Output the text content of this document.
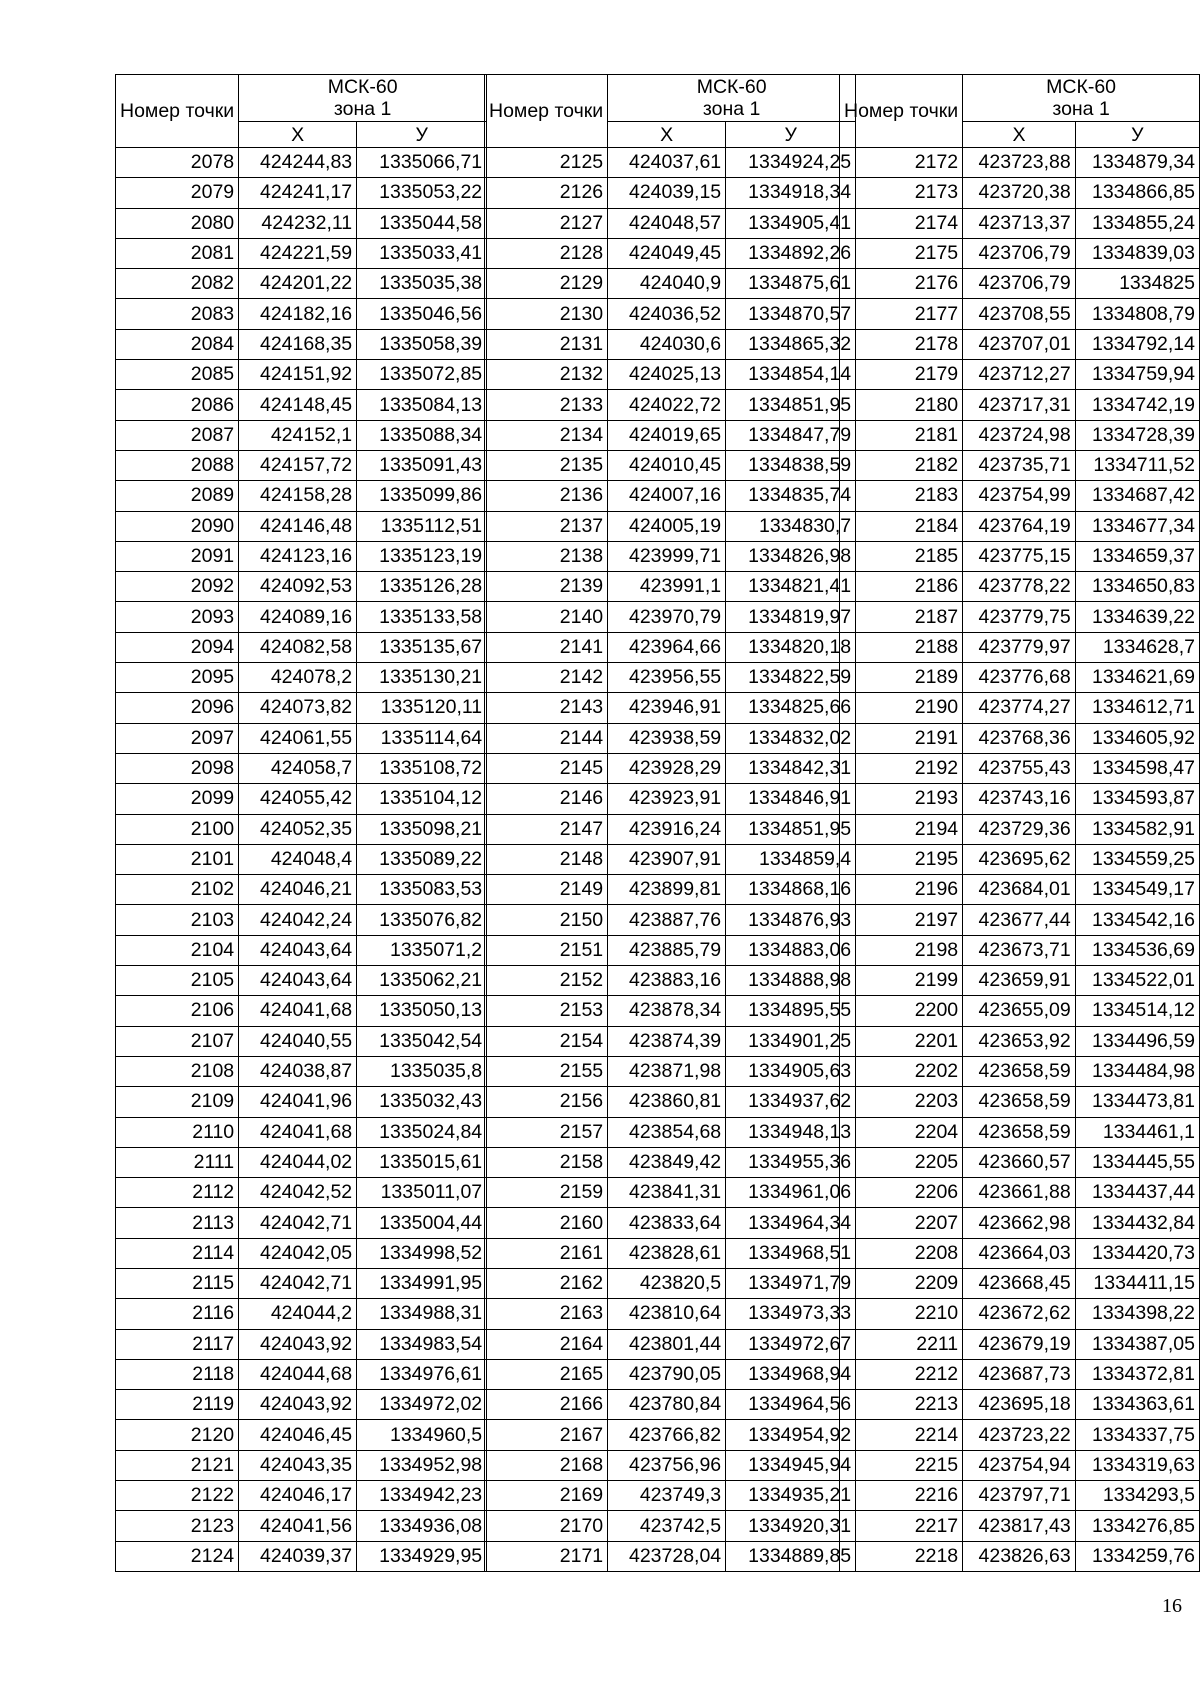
Номер точки	МСК-60
зона 1	

	X	У
2078	424244,83	1335066,71
2079	424241,17	1335053,22
2080	424232,11	1335044,58
2081	424221,59	1335033,41
2082	424201,22	1335035,38
2083	424182,16	1335046,56
2084	424168,35	1335058,39
2085	424151,92	1335072,85
2086	424148,45	1335084,13
2087	424152,1	1335088,34
2088	424157,72	1335091,43
2089	424158,28	1335099,86
2090	424146,48	1335112,51
2091	424123,16	1335123,19
2092	424092,53	1335126,28
2093	424089,16	1335133,58
2094	424082,58	1335135,67
2095	424078,2	1335130,21
2096	424073,82	1335120,11
2097	424061,55	1335114,64
2098	424058,7	1335108,72
2099	424055,42	1335104,12
2100	424052,35	1335098,21
2101	424048,4	1335089,22
2102	424046,21	1335083,53
2103	424042,24	1335076,82
2104	424043,64	1335071,2
2105	424043,64	1335062,21
2106	424041,68	1335050,13
2107	424040,55	1335042,54
2108	424038,87	1335035,8
2109	424041,96	1335032,43
2110	424041,68	1335024,84
2111	424044,02	1335015,61
2112	424042,52	1335011,07
2113	424042,71	1335004,44
2114	424042,05	1334998,52
2115	424042,71	1334991,95
2116	424044,2	1334988,31
2117	424043,92	1334983,54
2118	424044,68	1334976,61
2119	424043,92	1334972,02
2120	424046,45	1334960,5
2121	424043,35	1334952,98
2122	424046,17	1334942,23
2123	424041,56	1334936,08
2124	424039,37	1334929,95
Номер точки	МСК-60
зона 1	

	X	У
2125	424037,61	1334924,25
2126	424039,15	1334918,34
2127	424048,57	1334905,41
2128	424049,45	1334892,26
2129	424040,9	1334875,61
2130	424036,52	1334870,57
2131	424030,6	1334865,32
2132	424025,13	1334854,14
2133	424022,72	1334851,95
2134	424019,65	1334847,79
2135	424010,45	1334838,59
2136	424007,16	1334835,74
2137	424005,19	1334830,7
2138	423999,71	1334826,98
2139	423991,1	1334821,41
2140	423970,79	1334819,97
2141	423964,66	1334820,18
2142	423956,55	1334822,59
2143	423946,91	1334825,66
2144	423938,59	1334832,02
2145	423928,29	1334842,31
2146	423923,91	1334846,91
2147	423916,24	1334851,95
2148	423907,91	1334859,4
2149	423899,81	1334868,16
2150	423887,76	1334876,93
2151	423885,79	1334883,06
2152	423883,16	1334888,98
2153	423878,34	1334895,55
2154	423874,39	1334901,25
2155	423871,98	1334905,63
2156	423860,81	1334937,62
2157	423854,68	1334948,13
2158	423849,42	1334955,36
2159	423841,31	1334961,06
2160	423833,64	1334964,34
2161	423828,61	1334968,51
2162	423820,5	1334971,79
2163	423810,64	1334973,33
2164	423801,44	1334972,67
2165	423790,05	1334968,94
2166	423780,84	1334964,56
2167	423766,82	1334954,92
2168	423756,96	1334945,94
2169	423749,3	1334935,21
2170	423742,5	1334920,31
2171	423728,04	1334889,85
Номер точки	МСК-60
зона 1	

	X	У
2172	423723,88	1334879,34
2173	423720,38	1334866,85
2174	423713,37	1334855,24
2175	423706,79	1334839,03
2176	423706,79	1334825
2177	423708,55	1334808,79
2178	423707,01	1334792,14
2179	423712,27	1334759,94
2180	423717,31	1334742,19
2181	423724,98	1334728,39
2182	423735,71	1334711,52
2183	423754,99	1334687,42
2184	423764,19	1334677,34
2185	423775,15	1334659,37
2186	423778,22	1334650,83
2187	423779,75	1334639,22
2188	423779,97	1334628,7
2189	423776,68	1334621,69
2190	423774,27	1334612,71
2191	423768,36	1334605,92
2192	423755,43	1334598,47
2193	423743,16	1334593,87
2194	423729,36	1334582,91
2195	423695,62	1334559,25
2196	423684,01	1334549,17
2197	423677,44	1334542,16
2198	423673,71	1334536,69
2199	423659,91	1334522,01
2200	423655,09	1334514,12
2201	423653,92	1334496,59
2202	423658,59	1334484,98
2203	423658,59	1334473,81
2204	423658,59	1334461,1
2205	423660,57	1334445,55
2206	423661,88	1334437,44
2207	423662,98	1334432,84
2208	423664,03	1334420,73
2209	423668,45	1334411,15
2210	423672,62	1334398,22
2211	423679,19	1334387,05
2212	423687,73	1334372,81
2213	423695,18	1334363,61
2214	423723,22	1334337,75
2215	423754,94	1334319,63
2216	423797,71	1334293,5
2217	423817,43	1334276,85
2218	423826,63	1334259,76
16
